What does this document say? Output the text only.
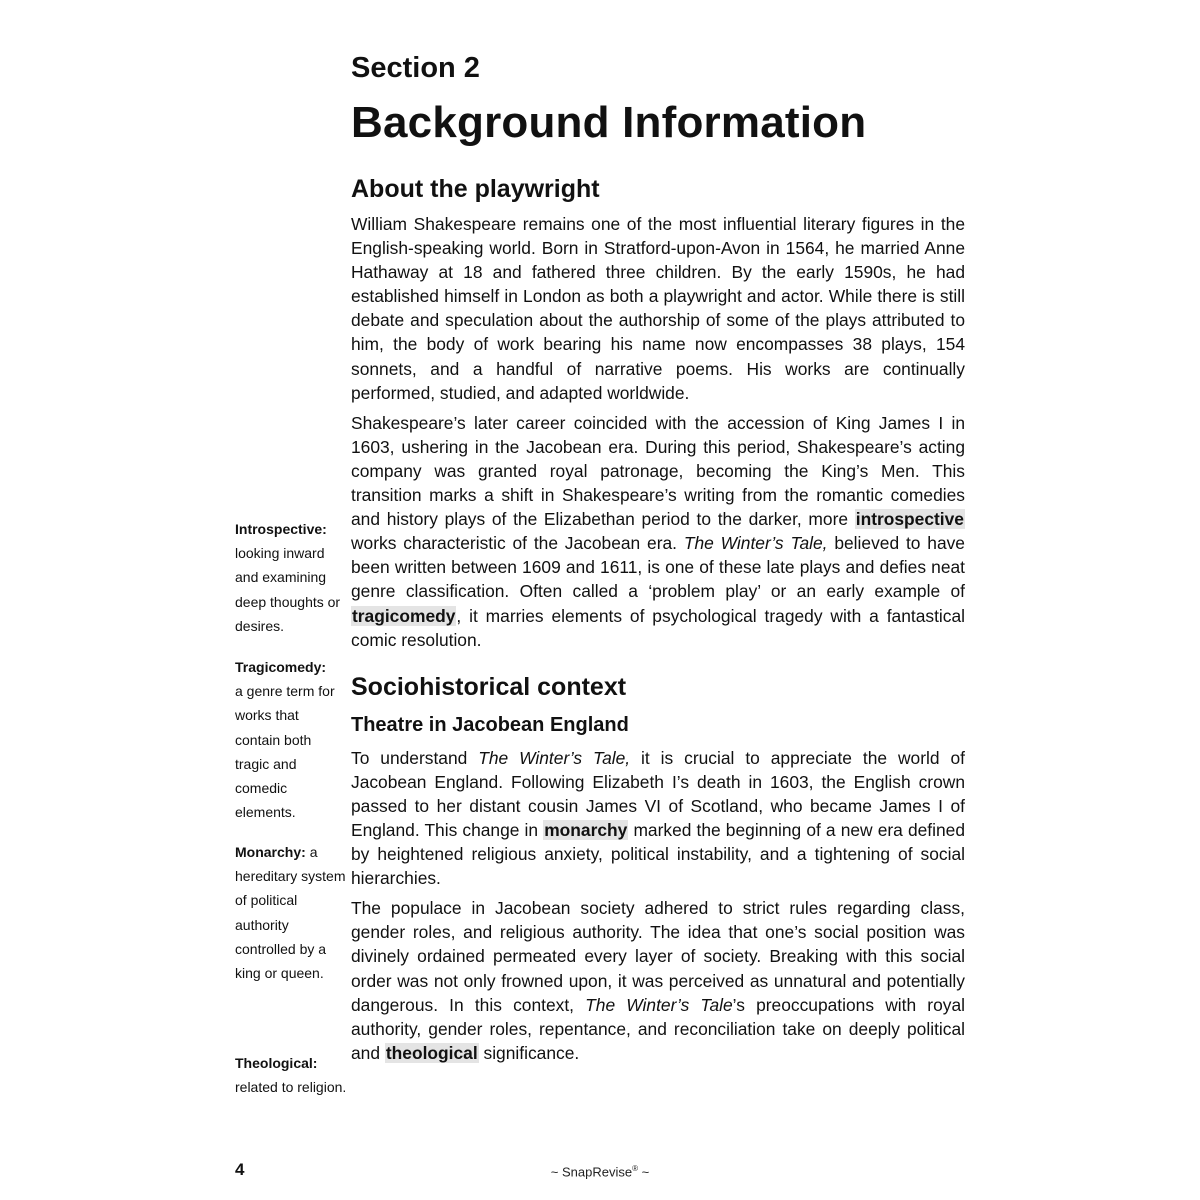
Section 2
Background Information
About the playwright

William Shakespeare remains one of the most influential literary figures in the English-speaking world. Born in Stratford-upon-Avon in 1564, he married Anne Hathaway at 18 and fathered three children. By the early 1590s, he had established himself in London as both a playwright and actor. While there is still debate and speculation about the authorship of some of the plays attributed to him, the body of work bearing his name now encompasses 38 plays, 154 sonnets, and a handful of narrative poems. His works are continually performed, studied, and adapted worldwide.

Shakespeare’s later career coincided with the accession of King James I in 1603, ushering in the Jacobean era. During this period, Shakespeare’s acting company was granted royal patronage, becoming the King’s Men. This transition marks a shift in Shakespeare’s writing from the romantic comedies and history plays of the Elizabethan period to the darker, more introspective works characteristic of the Jacobean era. The Winter’s Tale, believed to have been written between 1609 and 1611, is one of these late plays and defies neat genre classification. Often called a ‘problem play’ or an early example of tragicomedy, it marries elements of psychological tragedy with a fantastical comic resolution.

Sociohistorical context
Theatre in Jacobean England

To understand The Winter’s Tale, it is crucial to appreciate the world of Jacobean England. Following Elizabeth I’s death in 1603, the English crown passed to her distant cousin James VI of Scotland, who became James I of England. This change in monarchy marked the beginning of a new era defined by heightened religious anxiety, political instability, and a tightening of social hierarchies.

The populace in Jacobean society adhered to strict rules regarding class, gender roles, and religious authority. The idea that one’s social position was divinely ordained permeated every layer of society. Breaking with this social order was not only frowned upon, it was perceived as unnatural and potentially dangerous. In this context, The Winter’s Tale’s preoccupations with royal authority, gender roles, repentance, and reconciliation take on deeply political and theological significance.

Introspective:
looking inward and examining deep thoughts or desires.
Tragicomedy:
a genre term for works that contain both tragic and comedic elements.
Monarchy: a hereditary system of political authority controlled by a king or queen.
Theological:
related to religion.
4	~ SnapRevise® ~
